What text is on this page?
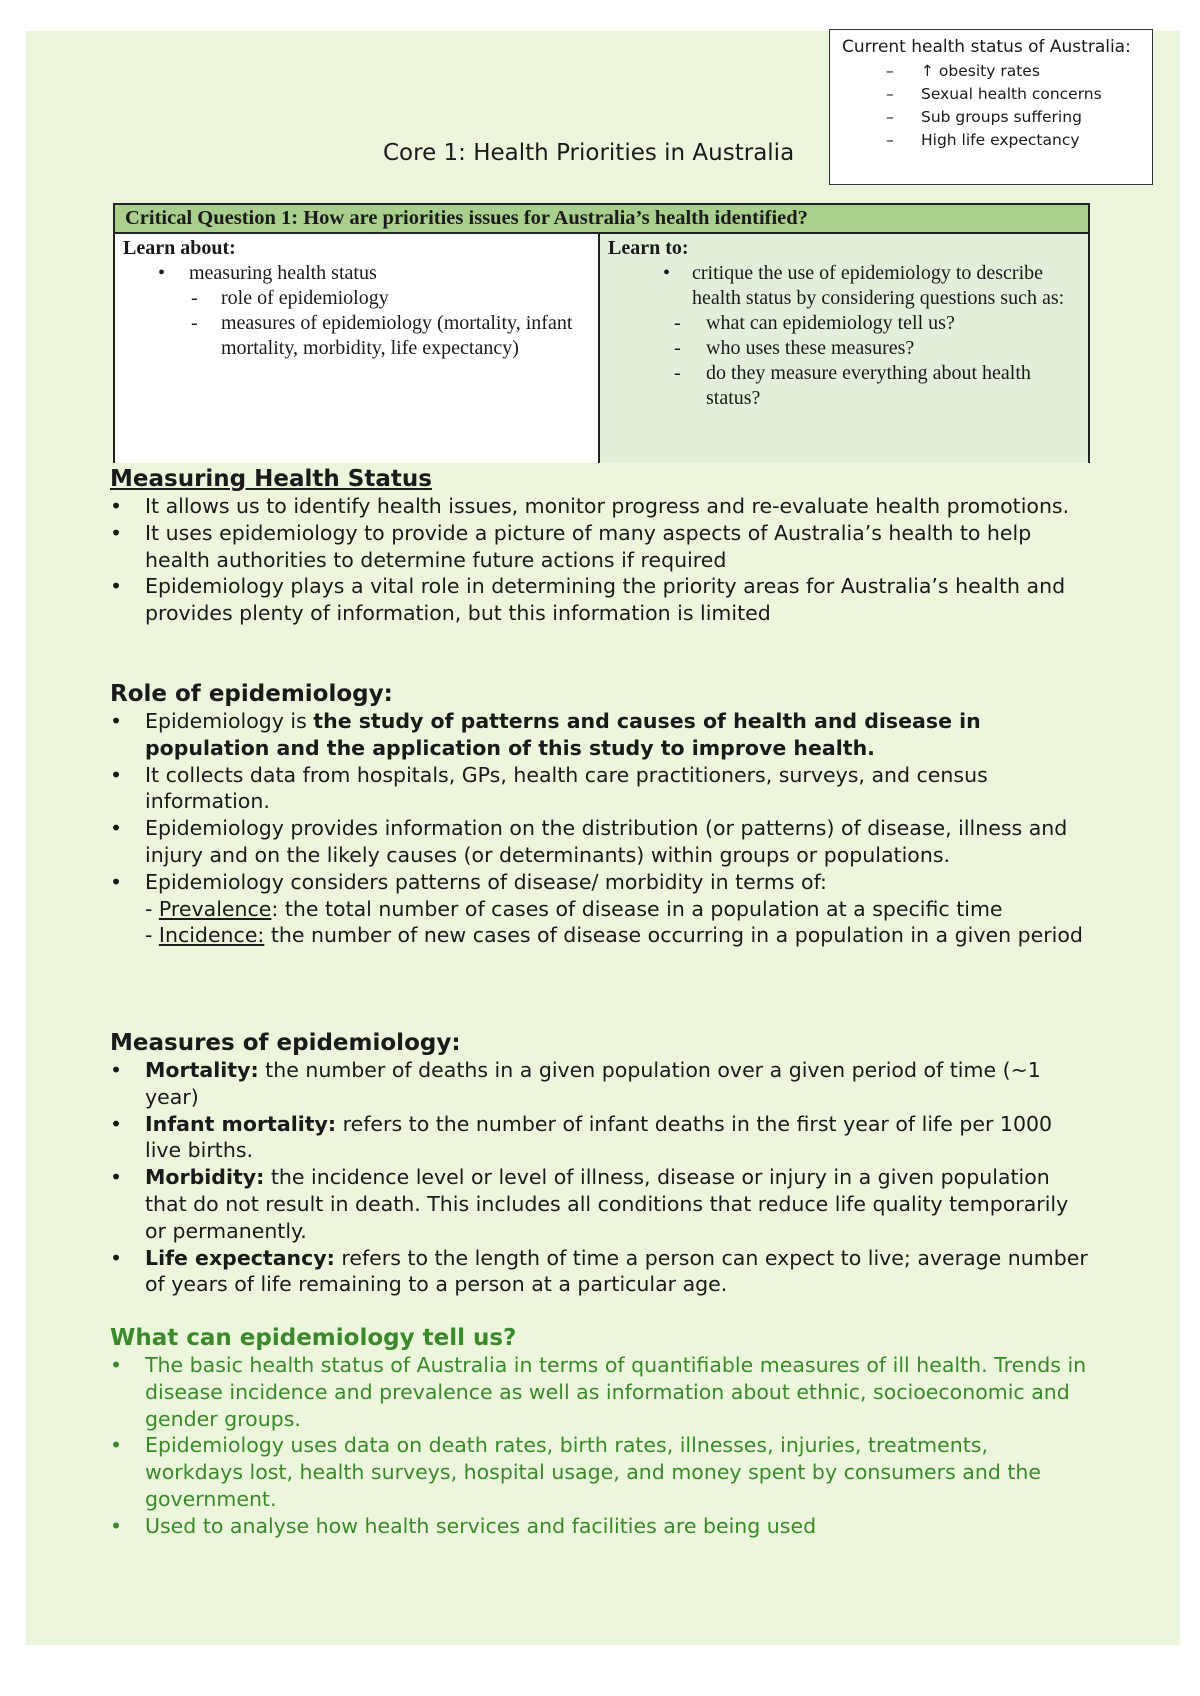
Current health status of Australia:
– ↑ obesity rates
– Sexual health concerns
– Sub groups suffering
– High life expectancy
Core 1: Health Priorities in Australia
Critical Question 1: How are priorities issues for Australia’s health identified?
Learn about:
• measuring health status
- role of epidemiology
- measures of epidemiology (mortality, infant mortality, morbidity, life expectancy)
Learn to:
• critique the use of epidemiology to describe health status by considering questions such as:
- what can epidemiology tell us?
- who uses these measures?
- do they measure everything about health status?
Measuring Health Status
• It allows us to identify health issues, monitor progress and re-evaluate health promotions.
• It uses epidemiology to provide a picture of many aspects of Australia’s health to help health authorities to determine future actions if required
• Epidemiology plays a vital role in determining the priority areas for Australia’s health and provides plenty of information, but this information is limited
Role of epidemiology:
• Epidemiology is the study of patterns and causes of health and disease in population and the application of this study to improve health.
• It collects data from hospitals, GPs, health care practitioners, surveys, and census information.
• Epidemiology provides information on the distribution (or patterns) of disease, illness and injury and on the likely causes (or determinants) within groups or populations.
• Epidemiology considers patterns of disease/ morbidity in terms of:
- Prevalence: the total number of cases of disease in a population at a specific time
- Incidence: the number of new cases of disease occurring in a population in a given period
Measures of epidemiology:
• Mortality: the number of deaths in a given population over a given period of time (~1 year)
• Infant mortality: refers to the number of infant deaths in the first year of life per 1000 live births.
• Morbidity: the incidence level or level of illness, disease or injury in a given population that do not result in death. This includes all conditions that reduce life quality temporarily or permanently.
• Life expectancy: refers to the length of time a person can expect to live; average number of years of life remaining to a person at a particular age.
What can epidemiology tell us?
• The basic health status of Australia in terms of quantifiable measures of ill health. Trends in disease incidence and prevalence as well as information about ethnic, socioeconomic and gender groups.
• Epidemiology uses data on death rates, birth rates, illnesses, injuries, treatments, workdays lost, health surveys, hospital usage, and money spent by consumers and the government.
• Used to analyse how health services and facilities are being used
